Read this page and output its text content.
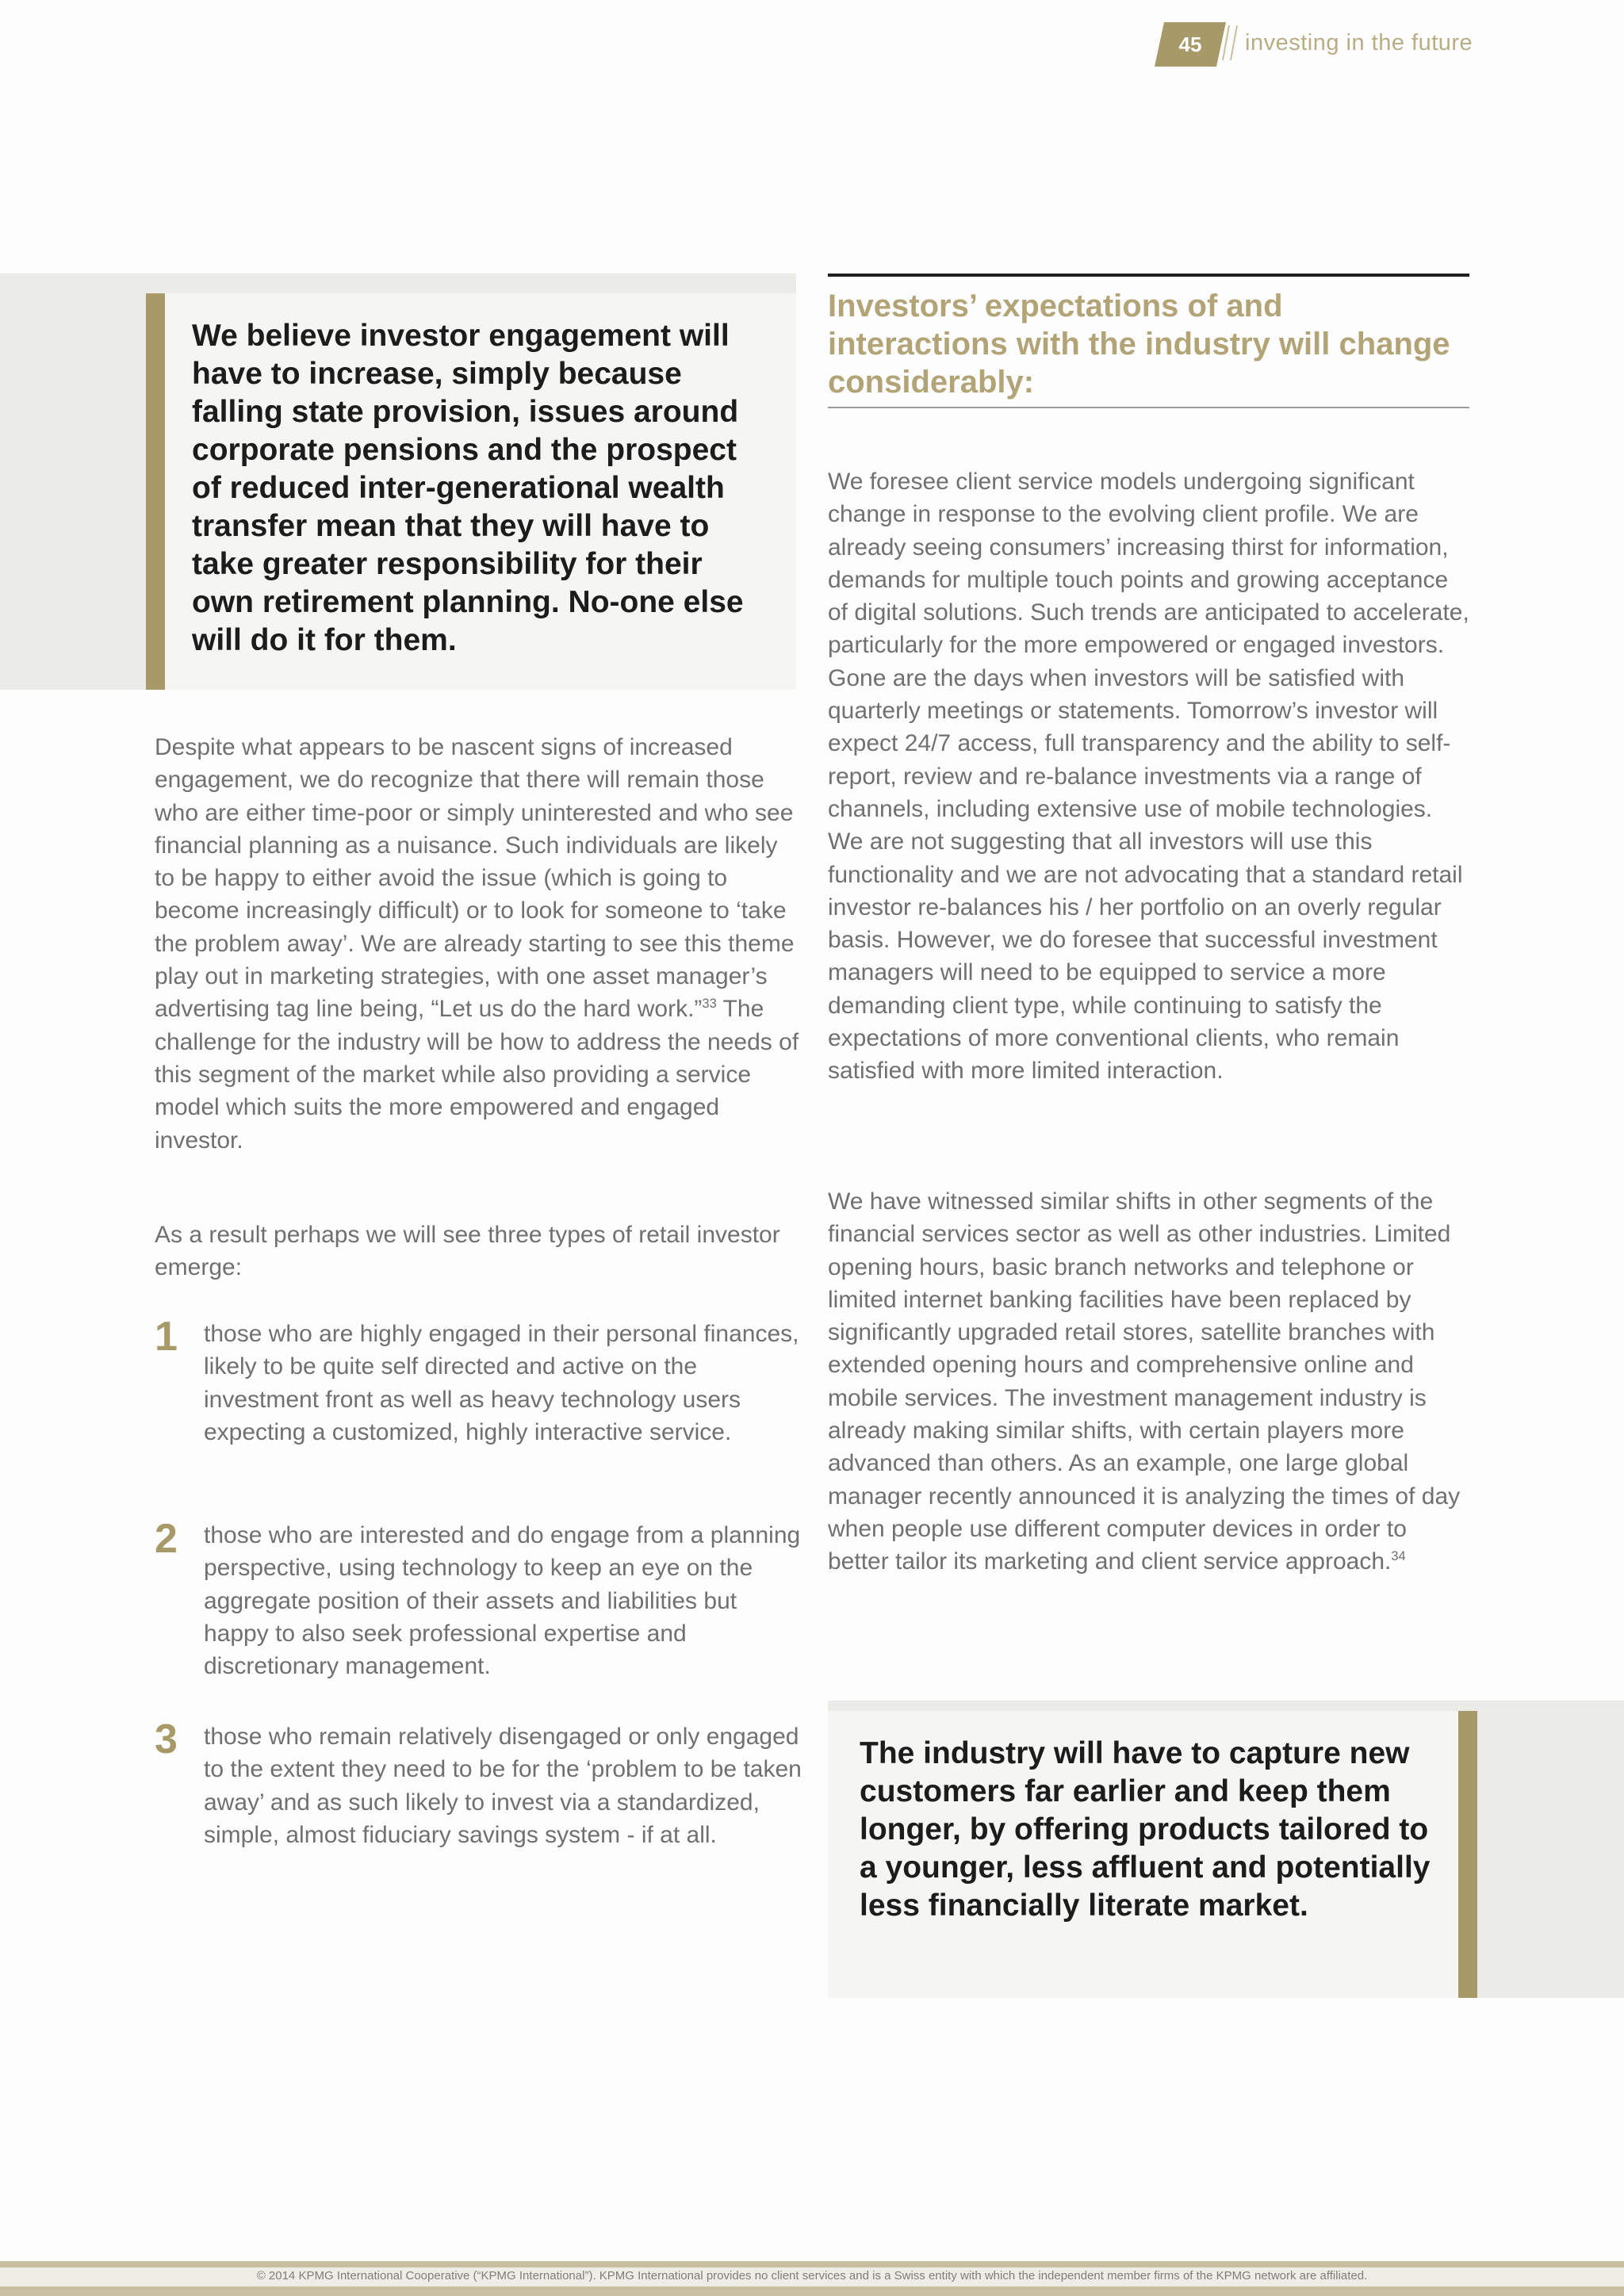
45	investing in the future

We believe investor engagement will have to increase, simply because falling state provision, issues around corporate pensions and the prospect of reduced inter-generational wealth transfer mean that they will have to take greater responsibility for their own retirement planning. No-one else will do it for them.

Investors’ expectations of and interactions with the industry will change considerably:

Despite what appears to be nascent signs of increased engagement, we do recognize that there will remain those who are either time-poor or simply uninterested and who see financial planning as a nuisance. Such individuals are likely to be happy to either avoid the issue (which is going to become increasingly difficult) or to look for someone to ‘take the problem away’. We are already starting to see this theme play out in marketing strategies, with one asset manager’s advertising tag line being, “Let us do the hard work.”$^{33}$ The challenge for the industry will be how to address the needs of this segment of the market while also providing a service model which suits the more empowered and engaged investor.

As a result perhaps we will see three types of retail investor emerge:

1 those who are highly engaged in their personal finances, likely to be quite self directed and active on the investment front as well as heavy technology users expecting a customized, highly interactive service.

2 those who are interested and do engage from a planning perspective, using technology to keep an eye on the aggregate position of their assets and liabilities but happy to also seek professional expertise and discretionary management.

3 those who remain relatively disengaged or only engaged to the extent they need to be for the ‘problem to be taken away’ and as such likely to invest via a standardized, simple, almost fiduciary savings system - if at all.

We foresee client service models undergoing significant change in response to the evolving client profile. We are already seeing consumers’ increasing thirst for information, demands for multiple touch points and growing acceptance of digital solutions. Such trends are anticipated to accelerate, particularly for the more empowered or engaged investors. Gone are the days when investors will be satisfied with quarterly meetings or statements. Tomorrow’s investor will expect 24/7 access, full transparency and the ability to self-report, review and re-balance investments via a range of channels, including extensive use of mobile technologies. We are not suggesting that all investors will use this functionality and we are not advocating that a standard retail investor re-balances his / her portfolio on an overly regular basis. However, we do foresee that successful investment managers will need to be equipped to service a more demanding client type, while continuing to satisfy the expectations of more conventional clients, who remain satisfied with more limited interaction.

We have witnessed similar shifts in other segments of the financial services sector as well as other industries. Limited opening hours, basic branch networks and telephone or limited internet banking facilities have been replaced by significantly upgraded retail stores, satellite branches with extended opening hours and comprehensive online and mobile services. The investment management industry is already making similar shifts, with certain players more advanced than others. As an example, one large global manager recently announced it is analyzing the times of day when people use different computer devices in order to better tailor its marketing and client service approach.$^{34}$

The industry will have to capture new customers far earlier and keep them longer, by offering products tailored to a younger, less affluent and potentially less financially literate market.

© 2014 KPMG International Cooperative (“KPMG International”). KPMG International provides no client services and is a Swiss entity with which the independent member firms of the KPMG network are affiliated.
